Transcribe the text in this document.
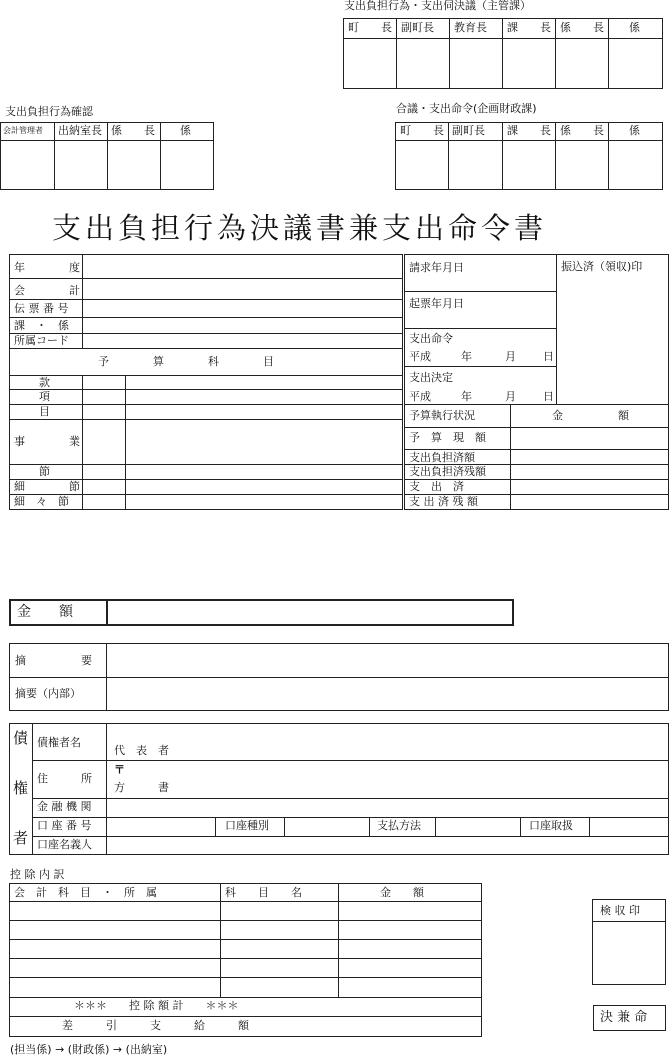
支出負担行為・支出伺決議（主管課）
町　　長 副町長 教育長 課　　長 係　　長 係
支出負担行為確認
会計管理者 出納室長 係　　長 係
合議・支出命令(企画財政課)
町　　長 副町長 課　　長 係　　長 係
支出負担行為決議書兼支出命令書
年　　　　度
会　　　　計
伝 票 番 号
課　・　係
所属コード
予　　　　算　　　　科　　　　目
款
項
目
事　　　　業
節
細　　　　節
細　々　節
請求年月日
起票年月日
振込済（領収)印
支出命令
平成	年	月 日
支出決定
平成	年	月 日
予算執行状況	金　　　　　額
予　算　現　額
支出負担済額
支出負担済残額
支　出　済
支 出 済 残 額
金　　額
摘　　　　　要
摘要（内部）
債
権
者
債権者名
代　表　者
住　　　所
〒
方　　　書
金 融 機 関
口 座 番 号	口座種別	支払方法	口座取扱
口座名義人
控 除 内 訳
会　計　科　目　・　所　属	科　　目　　名	金　　額
＊＊＊　　控 除 額 計　　＊＊＊
差　　　引　　　支　　　給　　　額
検 収 印
決 兼 命
(担当係) → (財政係) → (出納室)
